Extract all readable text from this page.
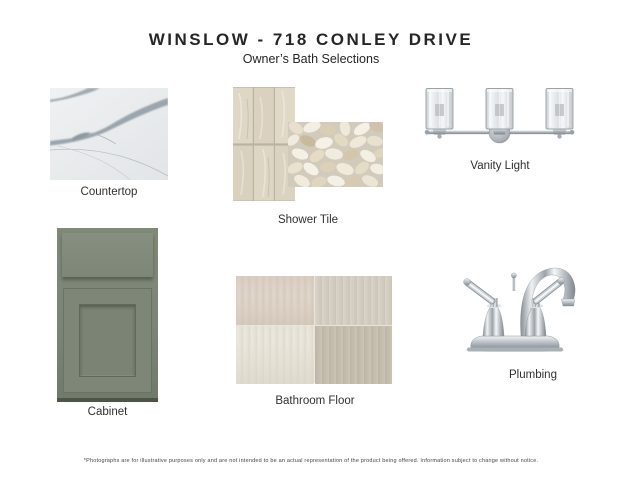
WINSLOW - 718 CONLEY DRIVE
Owner’s Bath Selections
Countertop
Shower Tile
Vanity Light
Cabinet
Bathroom Floor
Plumbing
*Photographs are for illustrative purposes only and are not intended to be an actual representation of the product being offered. Information subject to change without notice.
